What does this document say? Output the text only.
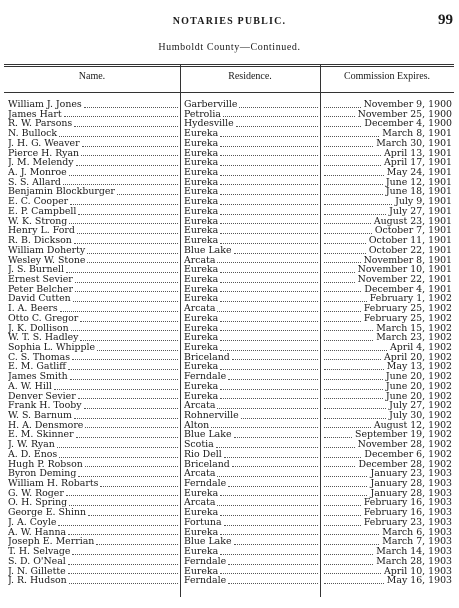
NOTARIES PUBLIC.	99
Humboldt County—Continued.
Name.	Residence.	Commission Expires.
William J. Jones	Garberville	November 9, 1900
James Hart	Petrolia	November 25, 1900
R. W. Parsons	Hydesville	December 4, 1900
N. Bullock	Eureka	March 8, 1901
J. H. G. Weaver	Eureka	March 30, 1901
Pierce H. Ryan	Eureka	April 13, 1901
J. M. Melendy	Eureka	April 17, 1901
A. J. Monroe	Eureka	May 24, 1901
S. S. Allard	Eureka	June 12, 1901
Benjamin Blockburger	Eureka	June 18, 1901
E. C. Cooper	Eureka	July 9, 1901
E. P. Campbell	Eureka	July 27, 1901
W. K. Strong	Eureka	August 23, 1901
Henry L. Ford	Eureka	October 7, 1901
R. B. Dickson	Eureka	October 11, 1901
William Doherty	Blue Lake	October 22, 1901
Wesley W. Stone	Arcata	November 8, 1901
J. S. Burnell	Eureka	November 10, 1901
Ernest Sevier	Eureka	November 22, 1901
Peter Belcher	Eureka	December 4, 1901
David Cutten	Eureka	February 1, 1902
I. A. Beers	Arcata	February 25, 1902
Otto C. Gregor	Eureka	February 25, 1902
J. K. Dollison	Eureka	March 15, 1902
W. T. S. Hadley	Eureka	March 23, 1902
Sophia L. Whipple	Eureka	April 4, 1902
C. S. Thomas	Briceland	April 20, 1902
E. M. Gatliff	Eureka	May 13, 1902
James Smith	Ferndale	June 20, 1902
A. W. Hill	Eureka	June 20, 1902
Denver Sevier	Eureka	June 20, 1902
Frank H. Tooby	Arcata	July 27, 1902
W. S. Barnum	Rohnerville	July 30, 1902
H. A. Densmore	Alton	August 12, 1902
E. M. Skinner	Blue Lake	September 19, 1902
J. W. Ryan	Scotia	November 28, 1902
A. D. Enos	Rio Dell	December 6, 1902
Hugh P. Robson	Briceland	December 28, 1902
Byron Deming	Arcata	January 23, 1903
William H. Robarts	Ferndale	January 28, 1903
G. W. Roger	Eureka	January 28, 1903
O. H. Spring	Arcata	February 16, 1903
George E. Shinn	Eureka	February 16, 1903
J. A. Coyle	Fortuna	February 23, 1903
A. W. Hanna	Eureka	March 6, 1903
Joseph E. Merrian	Blue Lake	March 7, 1903
T. H. Selvage	Eureka	March 14, 1903
S. D. O'Neal	Ferndale	March 28, 1903
J. N. Gillette	Eureka	April 10, 1903
J. R. Hudson	Ferndale	May 16, 1903
